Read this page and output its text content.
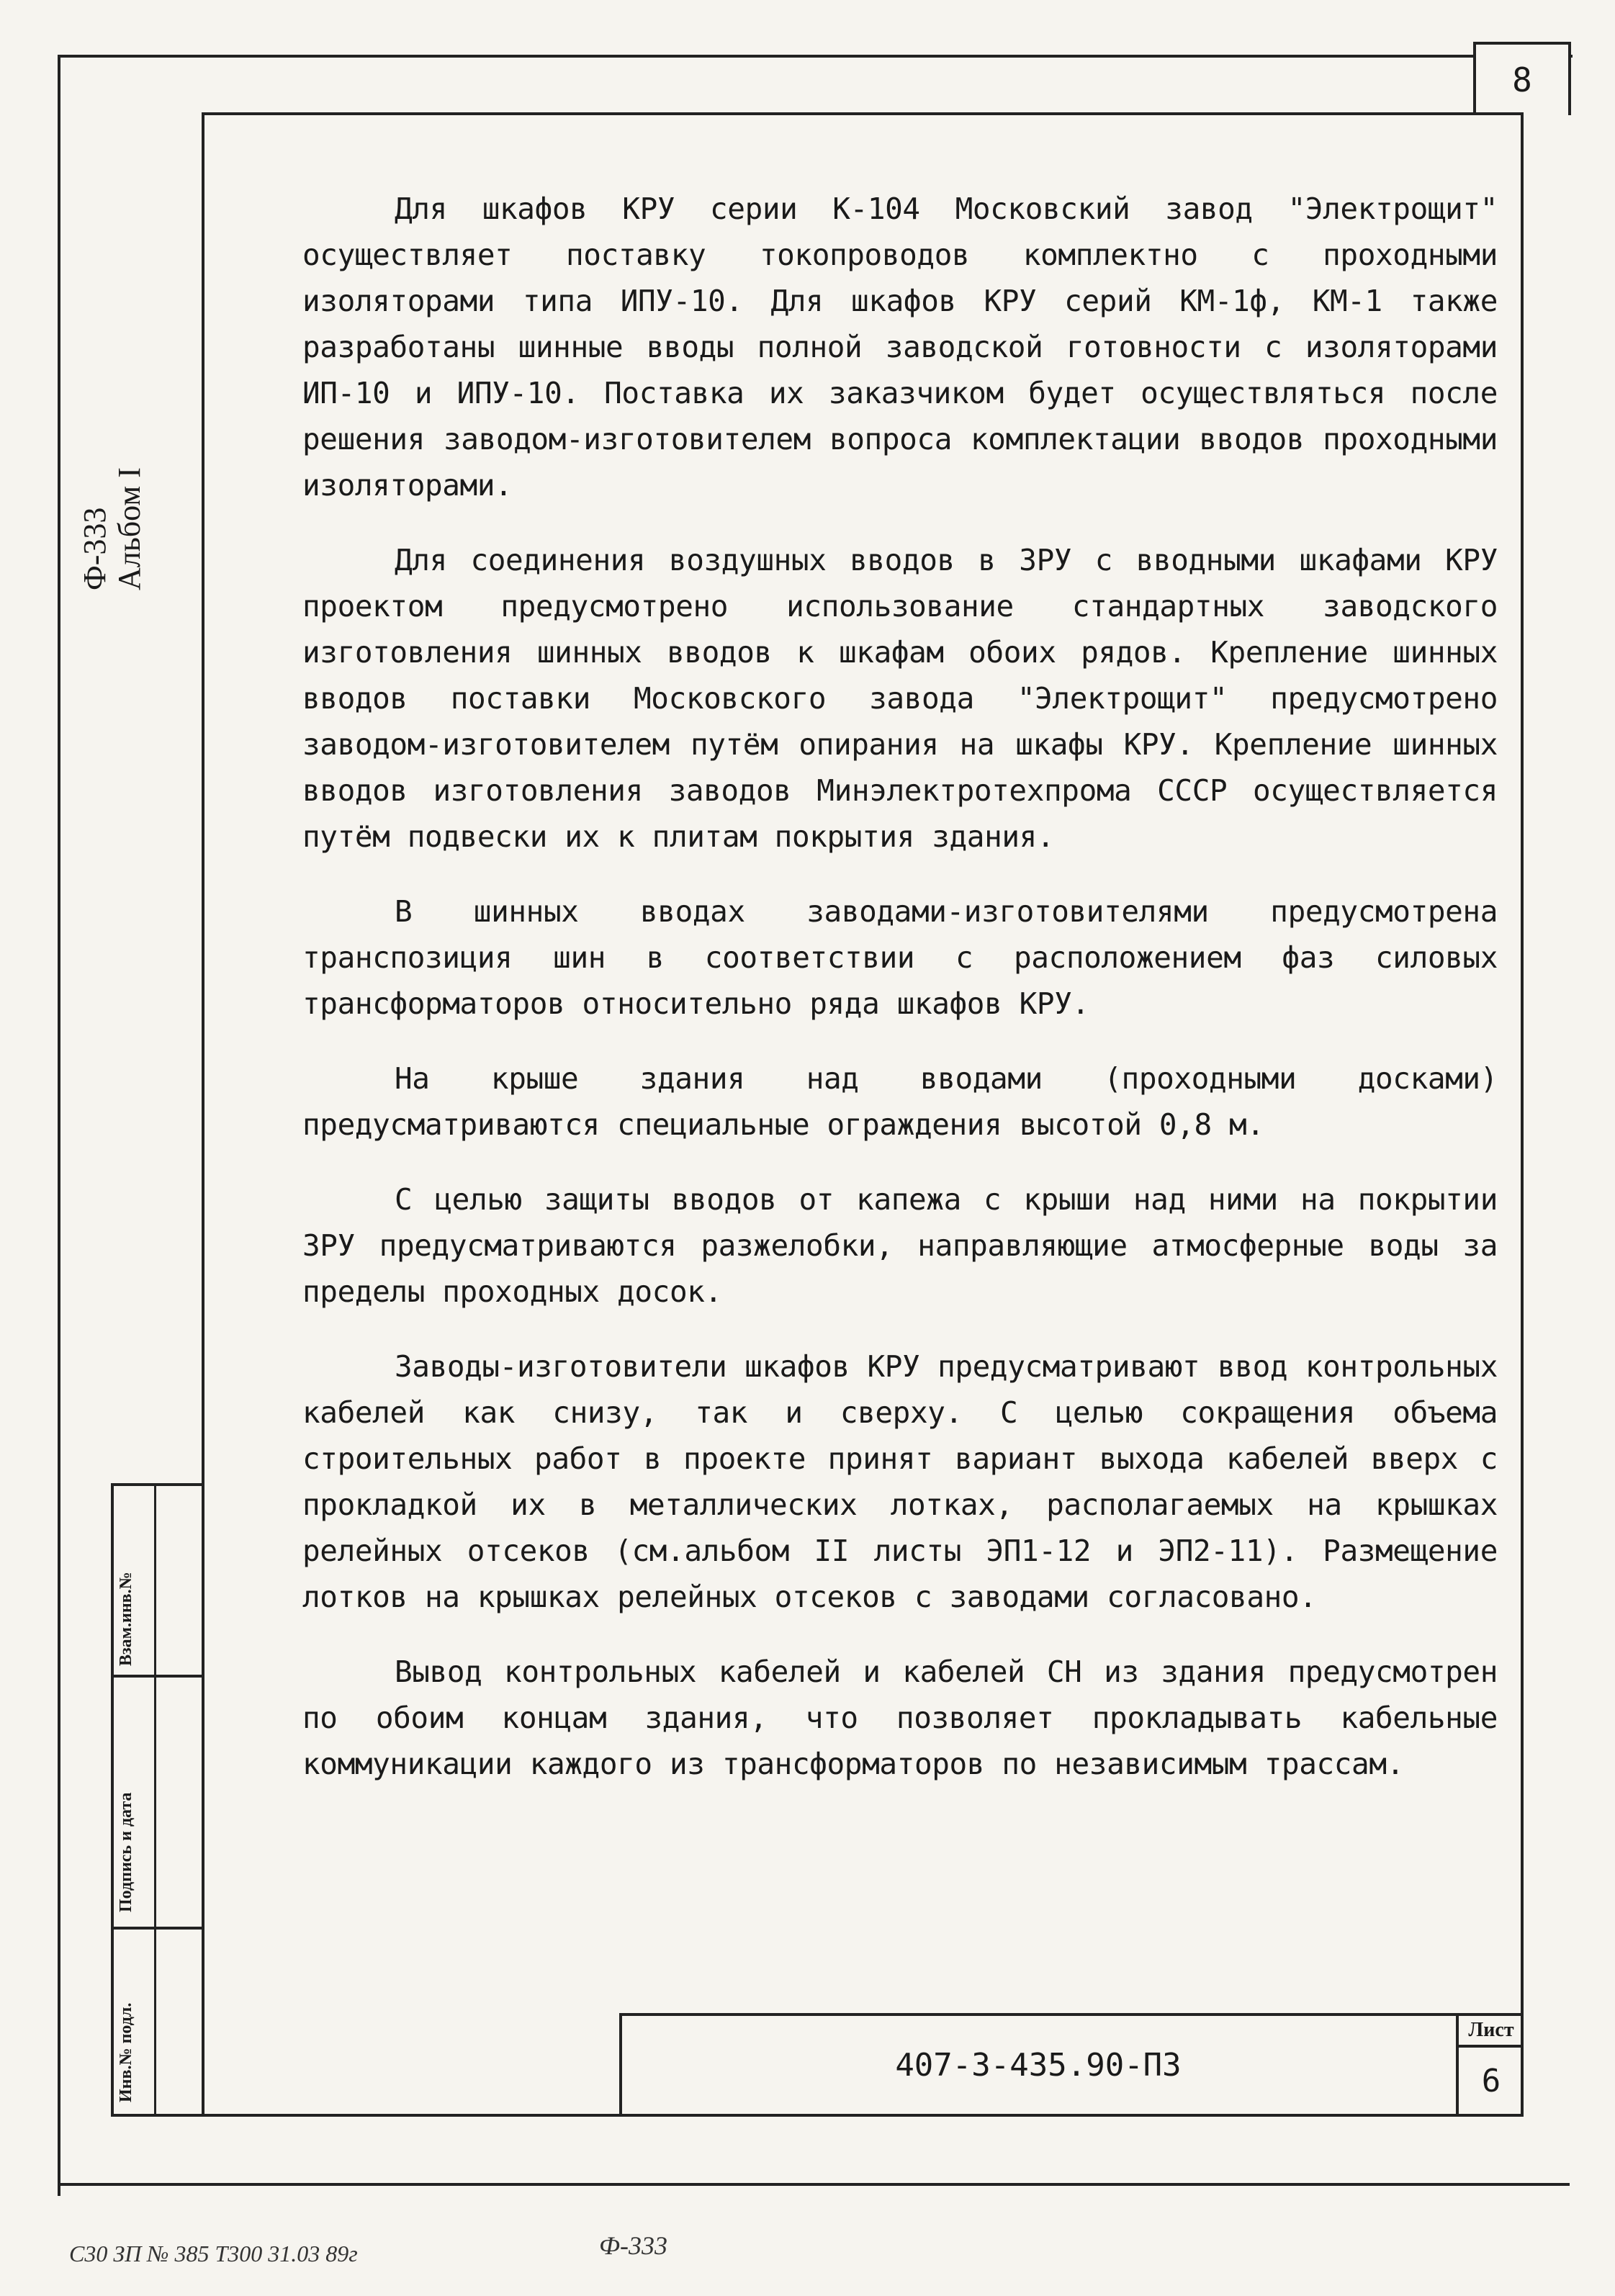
8
Ф-333 Альбом I
Взам.инв.№
Подпись и дата
Инв.№ подл.

Для шкафов КРУ серии К-104 Московский завод "Электрощит" осуществляет поставку токопроводов комплектно с проходными изоляторами типа ИПУ-10. Для шкафов КРУ серий КМ-1ф, КМ-1 также разработаны шинные вводы полной заводской готовности с изоляторами ИП-10 и ИПУ-10. Поставка их заказчиком будет осуществляться после решения заводом-изготовителем вопроса комплектации вводов проходными изоляторами.

Для соединения воздушных вводов в ЗРУ с вводными шкафами КРУ проектом предусмотрено использование стандартных заводского изготовления шинных вводов к шкафам обоих рядов. Крепление шинных вводов поставки Московского завода "Электрощит" предусмотрено заводом-изготовителем путём опирания на шкафы КРУ. Крепление шинных вводов изготовления заводов Минэлектротехпрома СССР осуществляется путём подвески их к плитам покрытия здания.

В шинных вводах заводами-изготовителями предусмотрена транспозиция шин в соответствии с расположением фаз силовых трансформаторов относительно ряда шкафов КРУ.

На крыше здания над вводами (проходными досками) предусматриваются специальные ограждения высотой 0,8 м.

С целью защиты вводов от капежа с крыши над ними на покрытии ЗРУ предусматриваются разжелобки, направляющие атмосферные воды за пределы проходных досок.

Заводы-изготовители шкафов КРУ предусматривают ввод контрольных кабелей как снизу, так и сверху. С целью сокращения объема строительных работ в проекте принят вариант выхода кабелей вверх с прокладкой их в металлических лотках, располагаемых на крышках релейных отсеков (см.альбом II листы ЭП1-12 и ЭП2-11). Размещение лотков на крышках релейных отсеков с заводами согласовано.

Вывод контрольных кабелей и кабелей СН из здания предусмотрен по обоим концам здания, что позволяет прокладывать кабельные коммуникации каждого из трансформаторов по независимым трассам.

407-3-435.90-ПЗ
Лист
6
С30 ЗП № 385 Т300 31.03 89г	Ф-333
